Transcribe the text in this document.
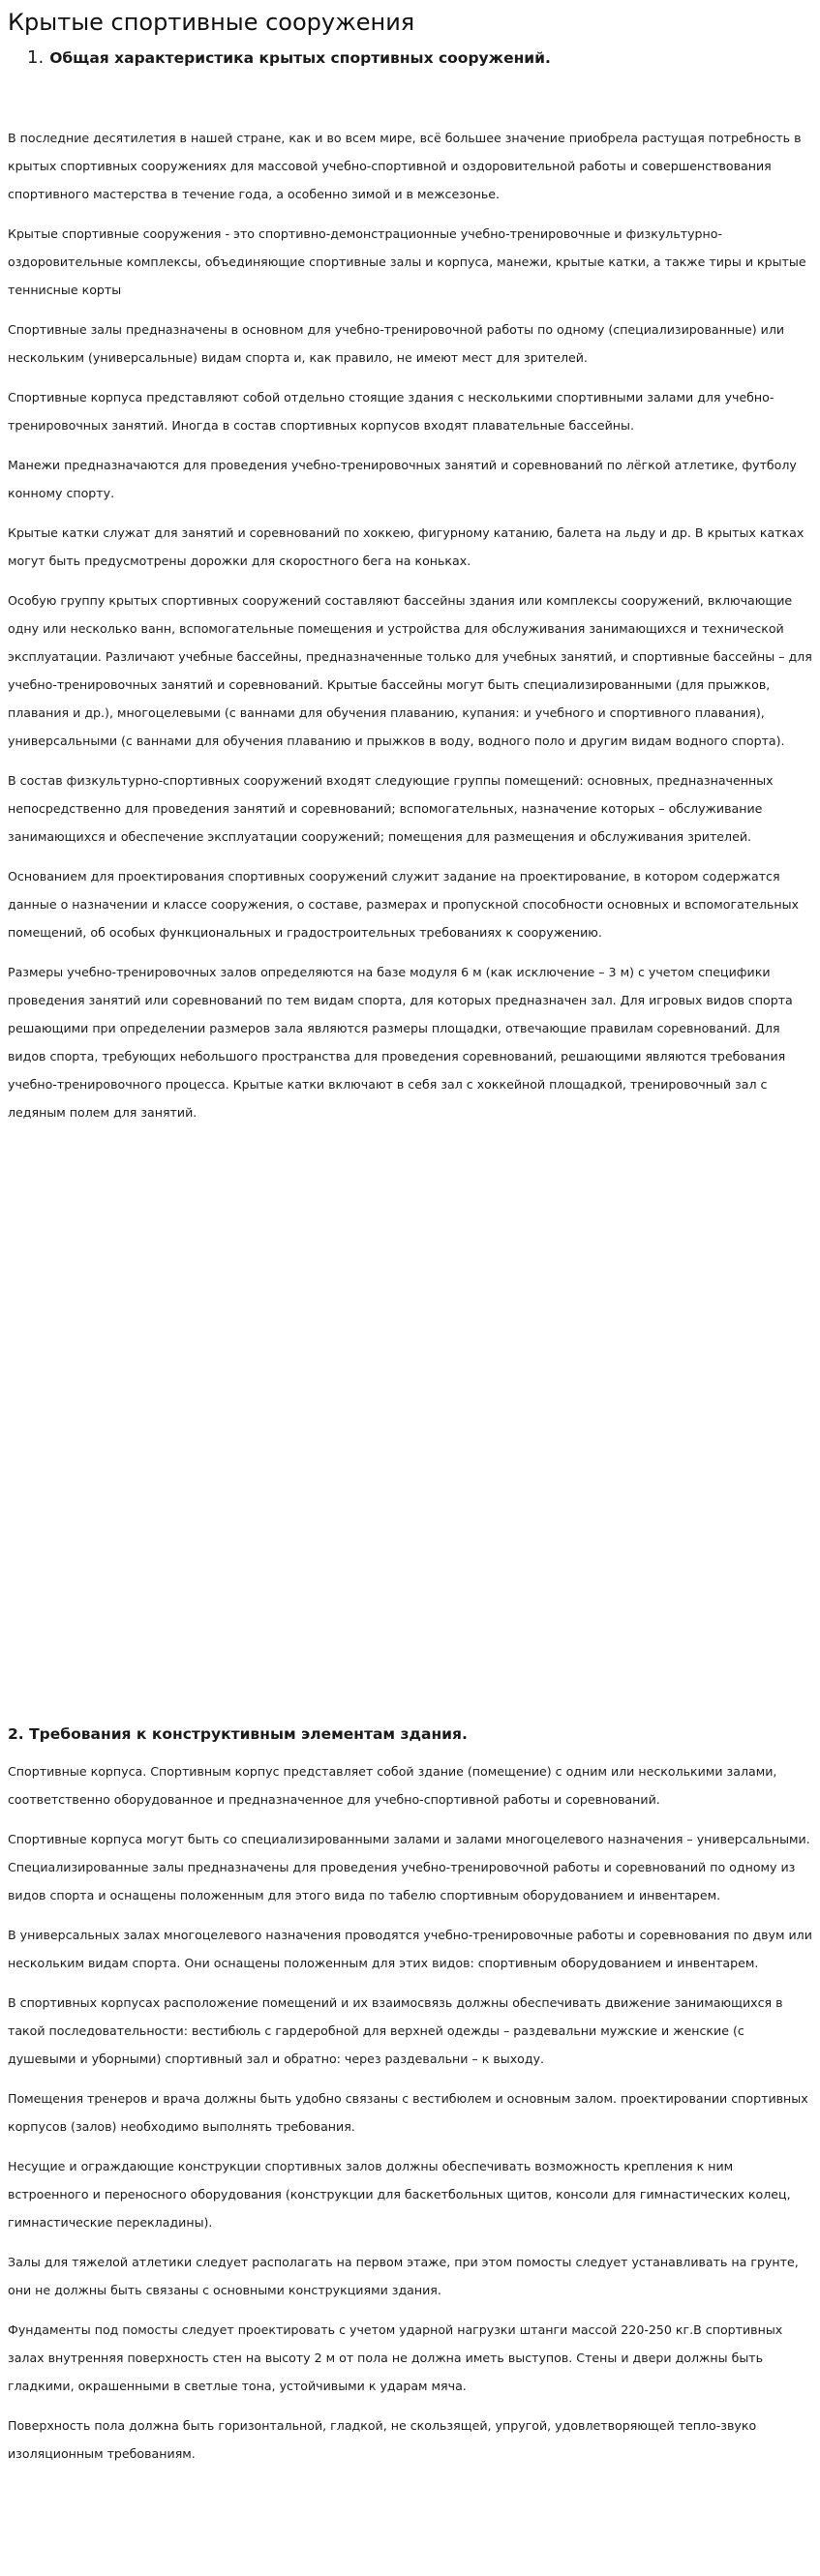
Крытые спортивные сооружения
1. Общая характеристика крытых спортивных сооружений.

В последние десятилетия в нашей стране, как и во всем мире, всё большее значение приобрела растущая потребность в крытых спортивных сооружениях для массовой учебно-спортивной и оздоровительной работы и совершенствования спортивного мастерства в течение года, а особенно зимой и в межсезонье.

Крытые спортивные сооружения - это спортивно-демонстрационные учебно-тренировочные и физкультурно-оздоровительные комплексы, объединяющие спортивные залы и корпуса, манежи, крытые катки, а также тиры и крытые теннисные корты

Спортивные залы предназначены в основном для учебно-тренировочной работы по одному (специализированные) или нескольким (универсальные) видам спорта и, как правило, не имеют мест для зрителей.

Спортивные корпуса представляют собой отдельно стоящие здания с несколькими спортивными залами для учебно-тренировочных занятий. Иногда в состав спортивных корпусов входят плавательные бассейны.

Манежи предназначаются для проведения учебно-тренировочных занятий и соревнований по лёгкой атлетике, футболу конному спорту.

Крытые катки служат для занятий и соревнований по хоккею, фигурному катанию, балета на льду и др. В крытых катках могут быть предусмотрены дорожки для скоростного бега на коньках.

Особую группу крытых спортивных сооружений составляют бассейны здания или комплексы сооружений, включающие одну или несколько ванн, вспомогательные помещения и устройства для обслуживания занимающихся и технической эксплуатации. Различают учебные бассейны, предназначенные только для учебных занятий, и спортивные бассейны – для учебно-тренировочных занятий и соревнований. Крытые бассейны могут быть специализированными (для прыжков, плавания и др.), многоцелевыми (с ваннами для обучения плаванию, купания: и учебного и спортивного плавания), универсальными (с ваннами для обучения плаванию и прыжков в воду, водного поло и другим видам водного спорта).

В состав физкультурно-спортивных сооружений входят следующие группы помещений: основных, предназначенных непосредственно для проведения занятий и соревнований; вспомогательных, назначение которых – обслуживание занимающихся и обеспечение эксплуатации сооружений; помещения для размещения и обслуживания зрителей.

Основанием для проектирования спортивных сооружений служит задание на проектирование, в котором содержатся данные о назначении и классе сооружения, о составе, размерах и пропускной способности основных и вспомогательных помещений, об особых функциональных и градостроительных требованиях к сооружению.

Размеры учебно-тренировочных залов определяются на базе модуля 6 м (как исключение – 3 м) с учетом специфики проведения занятий или соревнований по тем видам спорта, для которых предназначен зал. Для игровых видов спорта решающими при определении размеров зала являются размеры площадки, отвечающие правилам соревнований. Для видов спорта, требующих небольшого пространства для проведения соревнований, решающими являются требования учебно-тренировочного процесса. Крытые катки включают в себя зал с хоккейной площадкой, тренировочный зал с ледяным полем для занятий.

2. Требования к конструктивным элементам здания.

Спортивные корпуса. Спортивным корпус представляет собой здание (помещение) с одним или несколькими залами, соответственно оборудованное и предназначенное для учебно-спортивной работы и соревнований.

Спортивные корпуса могут быть со специализированными залами и залами многоцелевого назначения – универсальными. Специализированные залы предназначены для проведения учебно-тренировочной работы и соревнований по одному из видов спорта и оснащены положенным для этого вида по табелю спортивным оборудованием и инвентарем.

В универсальных залах многоцелевого назначения проводятся учебно-тренировочные работы и соревнования по двум или нескольким видам спорта. Они оснащены положенным для этих видов: спортивным оборудованием и инвентарем.

В спортивных корпусах расположение помещений и их взаимосвязь должны обеспечивать движение занимающихся в такой последовательности: вестибюль с гардеробной для верхней одежды – раздевальни мужские и женские (с душевыми и уборными) спортивный зал и обратно: через раздевальни – к выходу.

Помещения тренеров и врача должны быть удобно связаны с вестибюлем и основным залом. проектировании спортивных корпусов (залов) необходимо выполнять требования.

Несущие и ограждающие конструкции спортивных залов должны обеспечивать возможность крепления к ним встроенного и переносного оборудования (конструкции для баскетбольных щитов, консоли для гимнастических колец, гимнастические перекладины).

Залы для тяжелой атлетики следует располагать на первом этаже, при этом помосты следует устанавливать на грунте, они не должны быть связаны с основными конструкциями здания.

Фундаменты под помосты следует проектировать с учетом ударной нагрузки штанги массой 220-250 кг.В спортивных залах внутренняя поверхность стен на высоту 2 м от пола не должна иметь выступов. Стены и двери должны быть гладкими, окрашенными в светлые тона, устойчивыми к ударам мяча.

Поверхность пола должна быть горизонтальной, гладкой, не скользящей, упругой, удовлетворяющей тепло-звуко изоляционным требованиям.
